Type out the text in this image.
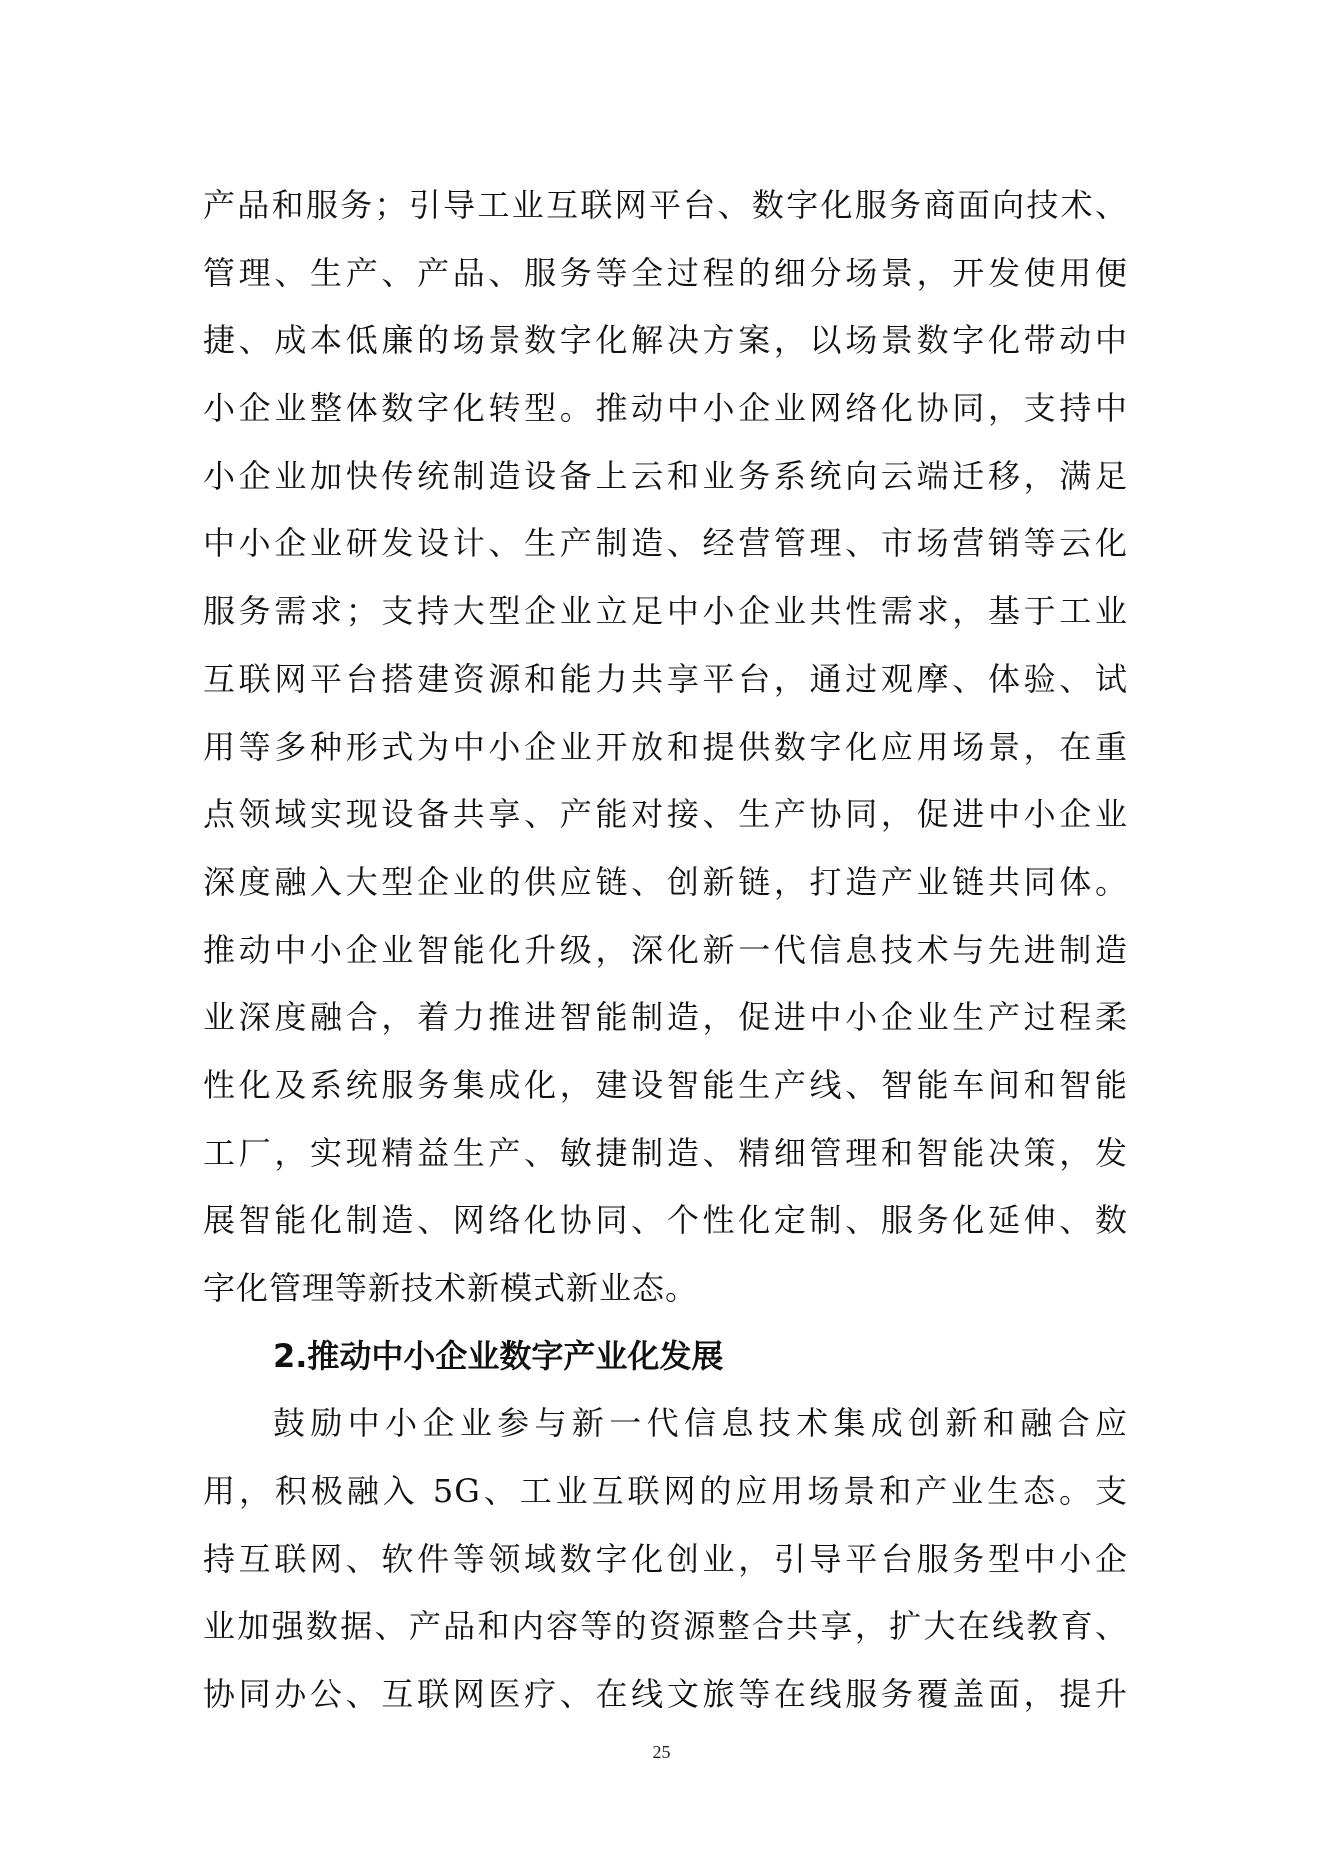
产品和服务；引导工业互联网平台、数字化服务商面向技术、
管理、生产、产品、服务等全过程的细分场景，开发使用便
捷、成本低廉的场景数字化解决方案，以场景数字化带动中
小企业整体数字化转型。推动中小企业网络化协同，支持中
小企业加快传统制造设备上云和业务系统向云端迁移，满足
中小企业研发设计、生产制造、经营管理、市场营销等云化
服务需求；支持大型企业立足中小企业共性需求，基于工业
互联网平台搭建资源和能力共享平台，通过观摩、体验、试
用等多种形式为中小企业开放和提供数字化应用场景，在重
点领域实现设备共享、产能对接、生产协同，促进中小企业
深度融入大型企业的供应链、创新链，打造产业链共同体。
推动中小企业智能化升级，深化新一代信息技术与先进制造
业深度融合，着力推进智能制造，促进中小企业生产过程柔
性化及系统服务集成化，建设智能生产线、智能车间和智能
工厂，实现精益生产、敏捷制造、精细管理和智能决策，发
展智能化制造、网络化协同、个性化定制、服务化延伸、数
字化管理等新技术新模式新业态。
2.推动中小企业数字产业化发展
鼓励中小企业参与新一代信息技术集成创新和融合应
用，积极融入 5G、工业互联网的应用场景和产业生态。支
持互联网、软件等领域数字化创业，引导平台服务型中小企
业加强数据、产品和内容等的资源整合共享，扩大在线教育、
协同办公、互联网医疗、在线文旅等在线服务覆盖面，提升
25
